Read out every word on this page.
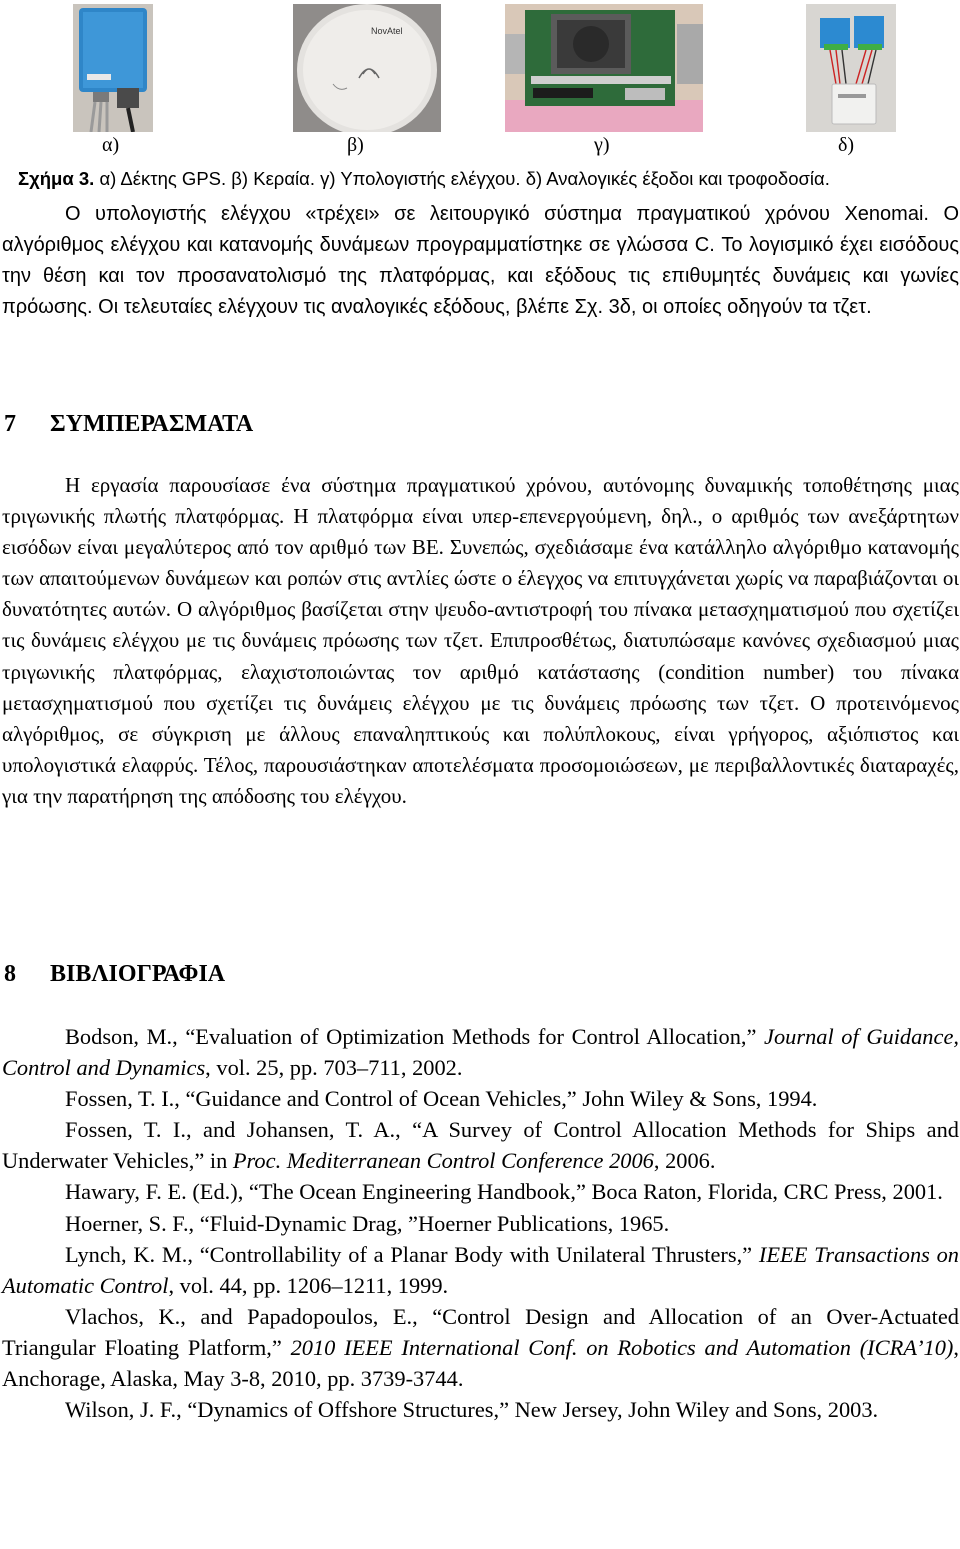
NovAtel
α)	β)	γ)	δ)
Σχήμα 3. α) Δέκτης GPS. β) Κεραία. γ) Υπολογιστής ελέγχου. δ) Αναλογικές έξοδοι και τροφοδοσία.

Ο υπολογιστής ελέγχου «τρέχει» σε λειτουργικό σύστημα πραγματικού χρόνου Xenomai. Ο αλγόριθμος ελέγχου και κατανομής δυνάμεων προγραμματίστηκε σε γλώσσα C. Το λογισμικό έχει εισόδους την θέση και τον προσανατολισμό της πλατφόρμας, και εξόδους τις επιθυμητές δυνάμεις και γωνίες πρόωσης. Οι τελευταίες ελέγχουν τις αναλογικές εξόδους, βλέπε Σχ. 3δ, οι οποίες οδηγούν τα τζετ.

7 ΣΥΜΠΕΡΑΣΜΑΤΑ

Η εργασία παρουσίασε ένα σύστημα πραγματικού χρόνου, αυτόνομης δυναμικής τοποθέτησης μιας τριγωνικής πλωτής πλατφόρμας. Η πλατφόρμα είναι υπερ-επενεργούμενη, δηλ., ο αριθμός των ανεξάρτητων εισόδων είναι μεγαλύτερος από τον αριθμό των ΒΕ. Συνεπώς, σχεδιάσαμε ένα κατάλληλο αλγόριθμο κατανομής των απαιτούμενων δυνάμεων και ροπών στις αντλίες ώστε ο έλεγχος να επιτυγχάνεται χωρίς να παραβιάζονται οι δυνατότητες αυτών. Ο αλγόριθμος βασίζεται στην ψευδο-αντιστροφή του πίνακα μετασχηματισμού που σχετίζει τις δυνάμεις ελέγχου με τις δυνάμεις πρόωσης των τζετ. Επιπροσθέτως, διατυπώσαμε κανόνες σχεδιασμού μιας τριγωνικής πλατφόρμας, ελαχιστοποιώντας τον αριθμό κατάστασης (condition number) του πίνακα μετασχηματισμού που σχετίζει τις δυνάμεις ελέγχου με τις δυνάμεις πρόωσης των τζετ. Ο προτεινόμενος αλγόριθμος, σε σύγκριση με άλλους επαναληπτικούς και πολύπλοκους, είναι γρήγορος, αξιόπιστος και υπολογιστικά ελαφρύς. Τέλος, παρουσιάστηκαν αποτελέσματα προσομοιώσεων, με περιβαλλοντικές διαταραχές, για την παρατήρηση της απόδοσης του ελέγχου.

8 ΒΙΒΛΙΟΓΡΑΦΙΑ

Bodson, M., “Evaluation of Optimization Methods for Control Allocation,” Journal of Guidance, Control and Dynamics, vol. 25, pp. 703–711, 2002.

Fossen, T. I., “Guidance and Control of Ocean Vehicles,” John Wiley & Sons, 1994.

Fossen, T. I., and Johansen, T. A., “A Survey of Control Allocation Methods for Ships and Underwater Vehicles,” in Proc. Mediterranean Control Conference 2006, 2006.

Hawary, F. E. (Ed.), “The Ocean Engineering Handbook,” Boca Raton, Florida, CRC Press, 2001.

Hoerner, S. F., “Fluid-Dynamic Drag, ”Hoerner Publications, 1965.

Lynch, K. M., “Controllability of a Planar Body with Unilateral Thrusters,” IEEE Transactions on Automatic Control, vol. 44, pp. 1206–1211, 1999.

Vlachos, K., and Papadopoulos, E., “Control Design and Allocation of an Over-Actuated Triangular Floating Platform,” 2010 IEEE International Conf. on Robotics and Automation (ICRA’10), Anchorage, Alaska, May 3-8, 2010, pp. 3739-3744.

Wilson, J. F., “Dynamics of Offshore Structures,” New Jersey, John Wiley and Sons, 2003.
